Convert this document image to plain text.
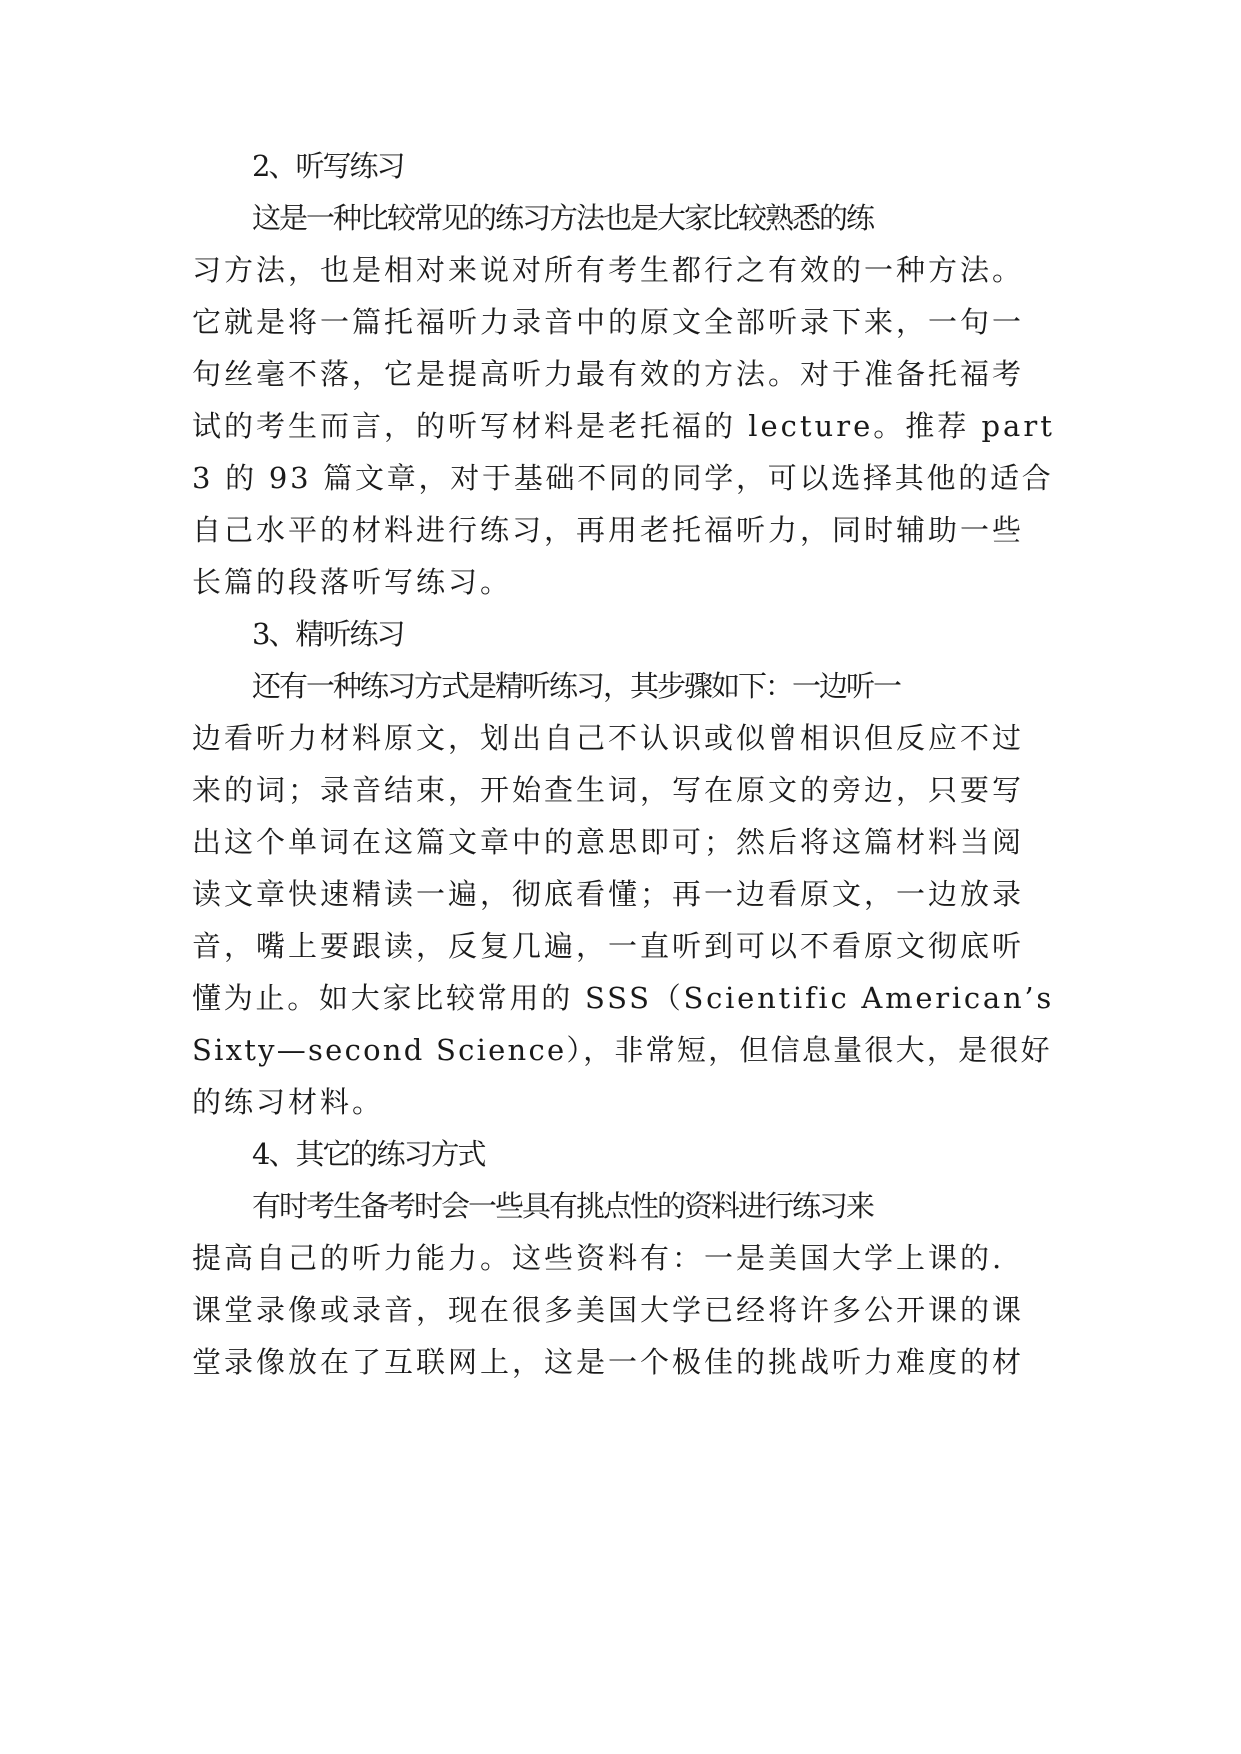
2、听写练习
这是一种比较常见的练习方法也是大家比较熟悉的练
习方法，也是相对来说对所有考生都行之有效的一种方法。
它就是将一篇托福听力录音中的原文全部听录下来，一句一
句丝毫不落，它是提高听力最有效的方法。对于准备托福考
试的考生而言，的听写材料是老托福的 lecture。推荐 part
3 的 93 篇文章，对于基础不同的同学，可以选择其他的适合
自己水平的材料进行练习，再用老托福听力，同时辅助一些
长篇的段落听写练习。
3、精听练习
还有一种练习方式是精听练习，其步骤如下：一边听一
边看听力材料原文，划出自己不认识或似曾相识但反应不过
来的词；录音结束，开始查生词，写在原文的旁边，只要写
出这个单词在这篇文章中的意思即可；然后将这篇材料当阅
读文章快速精读一遍，彻底看懂；再一边看原文，一边放录
音，嘴上要跟读，反复几遍，一直听到可以不看原文彻底听
懂为止。如大家比较常用的 SSS（Scientific American’s
Sixty—second Science），非常短，但信息量很大，是很好
的练习材料。
4、其它的练习方式
有时考生备考时会一些具有挑点性的资料进行练习来
提高自己的听力能力。这些资料有：一是美国大学上课的.
课堂录像或录音，现在很多美国大学已经将许多公开课的课
堂录像放在了互联网上，这是一个极佳的挑战听力难度的材
